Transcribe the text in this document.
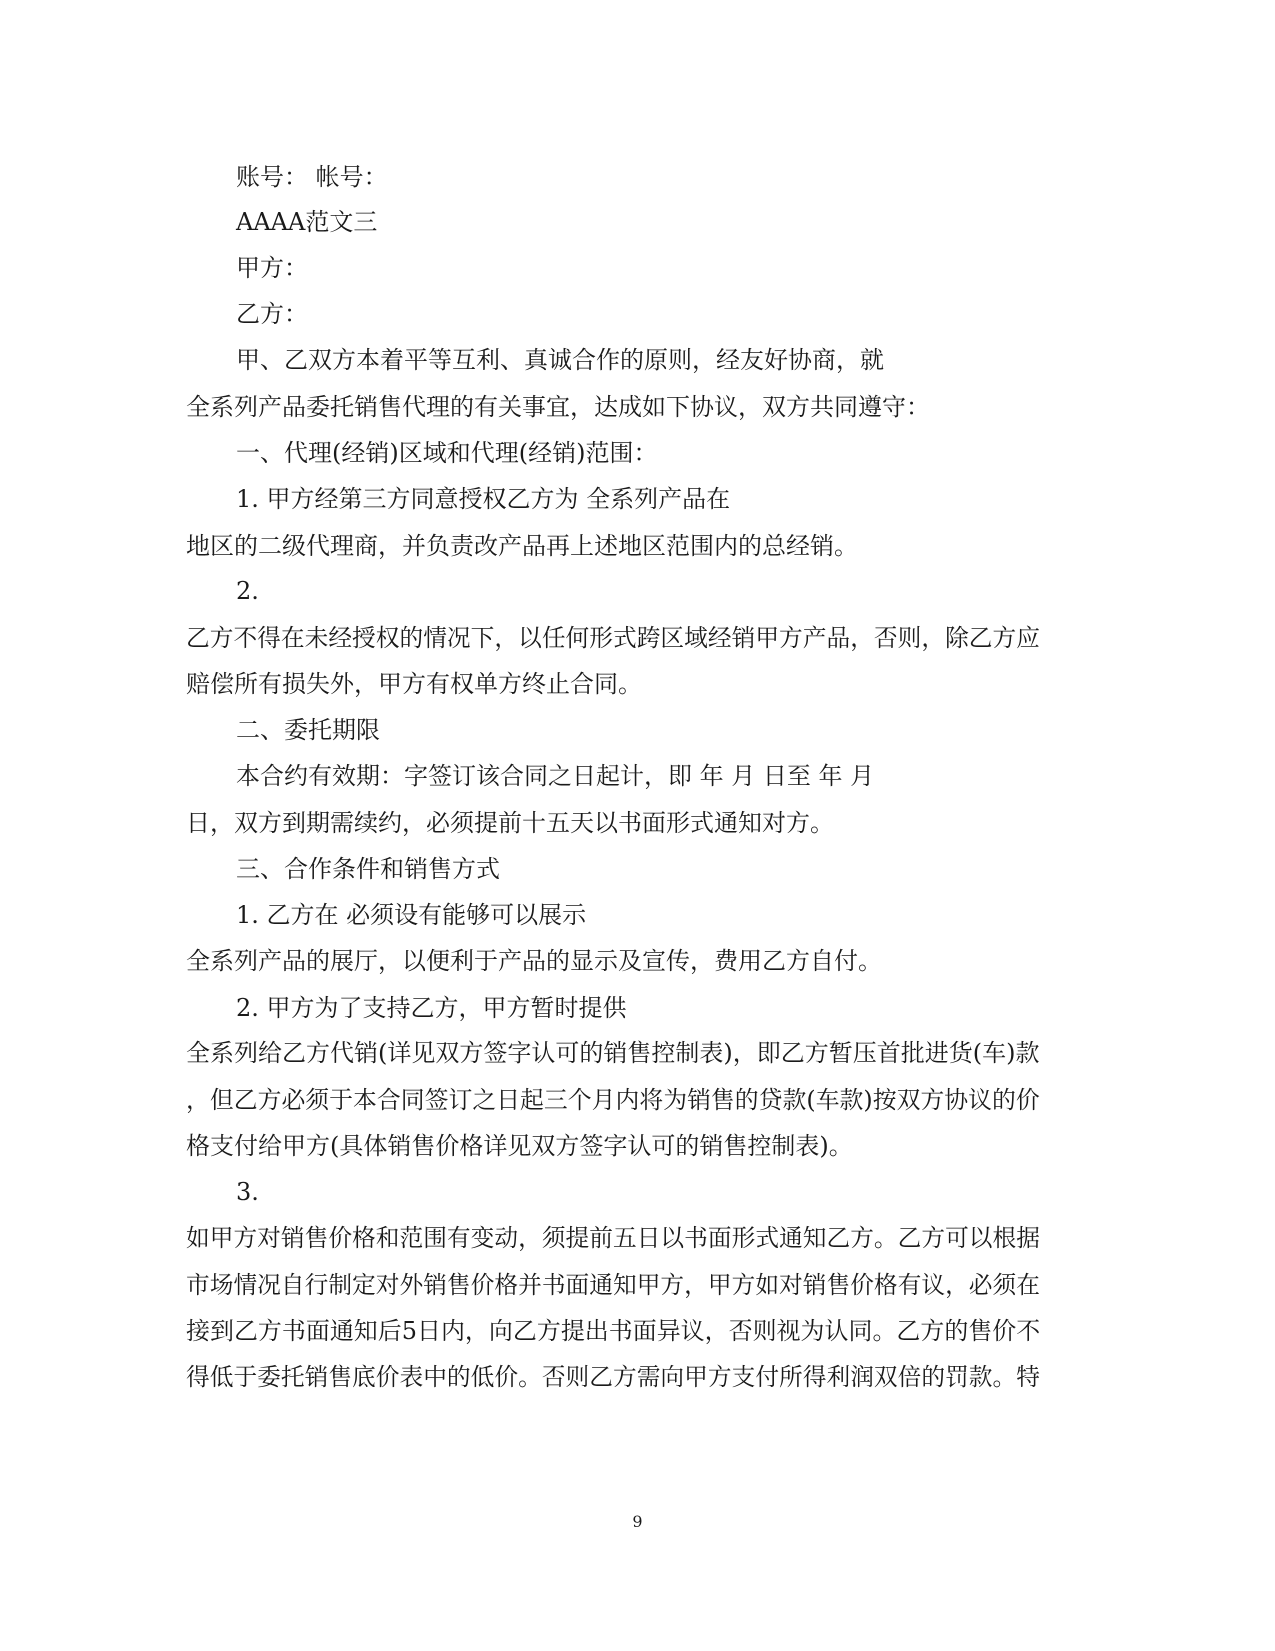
账号： 帐号：

AAAA范文三

甲方：

乙方：

甲、乙双方本着平等互利、真诚合作的原则，经友好协商，就

全系列产品委托销售代理的有关事宜，达成如下协议，双方共同遵守：

一、代理(经销)区域和代理(经销)范围：

1. 甲方经第三方同意授权乙方为 全系列产品在

地区的二级代理商，并负责改产品再上述地区范围内的总经销。

2.

乙方不得在未经授权的情况下，以任何形式跨区域经销甲方产品，否则，除乙方应

赔偿所有损失外，甲方有权单方终止合同。

二、委托期限

本合约有效期：字签订该合同之日起计，即 年 月 日至 年 月

日，双方到期需续约，必须提前十五天以书面形式通知对方。

三、合作条件和销售方式

1. 乙方在 必须设有能够可以展示

全系列产品的展厅，以便利于产品的显示及宣传，费用乙方自付。

2. 甲方为了支持乙方，甲方暂时提供

全系列给乙方代销(详见双方签字认可的销售控制表)，即乙方暂压首批进货(车)款

，但乙方必须于本合同签订之日起三个月内将为销售的贷款(车款)按双方协议的价

格支付给甲方(具体销售价格详见双方签字认可的销售控制表)。

3.

如甲方对销售价格和范围有变动，须提前五日以书面形式通知乙方。乙方可以根据

市场情况自行制定对外销售价格并书面通知甲方，甲方如对销售价格有议，必须在

接到乙方书面通知后5日内，向乙方提出书面异议，否则视为认同。乙方的售价不

得低于委托销售底价表中的低价。否则乙方需向甲方支付所得利润双倍的罚款。特

9
